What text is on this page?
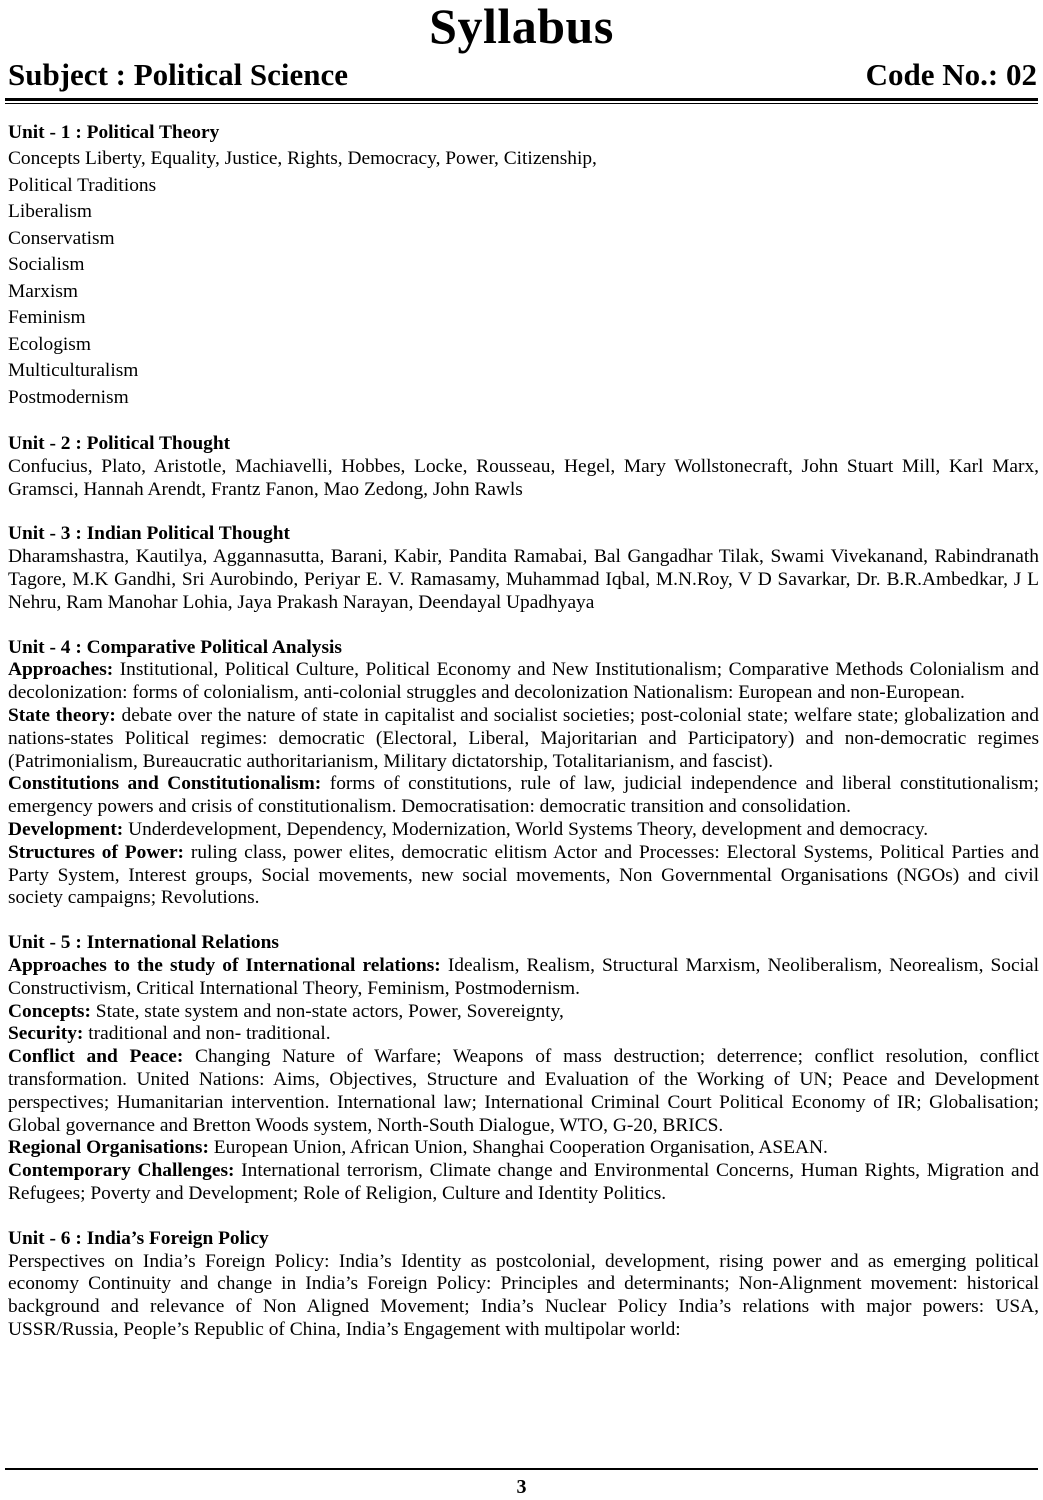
Syllabus
Subject : Political Science	Code No.: 02
Unit - 1 : Political Theory
Concepts Liberty, Equality, Justice, Rights, Democracy, Power, Citizenship,
Political Traditions
Liberalism
Conservatism
Socialism
Marxism
Feminism
Ecologism
Multiculturalism
Postmodernism
Unit - 2 : Political Thought
Confucius, Plato, Aristotle, Machiavelli, Hobbes, Locke, Rousseau, Hegel, Mary Wollstonecraft, John Stuart Mill, Karl Marx, Gramsci, Hannah Arendt, Frantz Fanon, Mao Zedong, John Rawls
Unit - 3 : Indian Political Thought
Dharamshastra, Kautilya, Aggannasutta, Barani, Kabir, Pandita Ramabai, Bal Gangadhar Tilak, Swami Vivekanand, Rabindranath Tagore, M.K Gandhi, Sri Aurobindo, Periyar E. V. Ramasamy, Muhammad Iqbal, M.N.Roy, V D Savarkar, Dr. B.R.Ambedkar, J L Nehru, Ram Manohar Lohia, Jaya Prakash Narayan, Deendayal Upadhyaya
Unit - 4 : Comparative Political Analysis
Approaches: Institutional, Political Culture, Political Economy and New Institutionalism; Comparative Methods Colonialism and decolonization: forms of colonialism, anti-colonial struggles and decolonization Nationalism: European and non-European.
State theory: debate over the nature of state in capitalist and socialist societies; post-colonial state; welfare state; globalization and nations-states Political regimes: democratic (Electoral, Liberal, Majoritarian and Participatory) and non-democratic regimes (Patrimonialism, Bureaucratic authoritarianism, Military dictatorship, Totalitarianism, and fascist).
Constitutions and Constitutionalism: forms of constitutions, rule of law, judicial independence and liberal constitutionalism; emergency powers and crisis of constitutionalism. Democratisation: democratic transition and consolidation.
Development: Underdevelopment, Dependency, Modernization, World Systems Theory, development and democracy.
Structures of Power: ruling class, power elites, democratic elitism Actor and Processes: Electoral Systems, Political Parties and Party System, Interest groups, Social movements, new social movements, Non Governmental Organisations (NGOs) and civil society campaigns; Revolutions.
Unit - 5 : International Relations
Approaches to the study of International relations: Idealism, Realism, Structural Marxism, Neoliberalism, Neorealism, Social Constructivism, Critical International Theory, Feminism, Postmodernism.
Concepts: State, state system and non-state actors, Power, Sovereignty,
Security: traditional and non- traditional.
Conflict and Peace: Changing Nature of Warfare; Weapons of mass destruction; deterrence; conflict resolution, conflict transformation. United Nations: Aims, Objectives, Structure and Evaluation of the Working of UN; Peace and Development perspectives; Humanitarian intervention. International law; International Criminal Court Political Economy of IR; Globalisation; Global governance and Bretton Woods system, North-South Dialogue, WTO, G-20, BRICS.
Regional Organisations: European Union, African Union, Shanghai Cooperation Organisation, ASEAN.
Contemporary Challenges: International terrorism, Climate change and Environmental Concerns, Human Rights, Migration and Refugees; Poverty and Development; Role of Religion, Culture and Identity Politics.
Unit - 6 : India’s Foreign Policy
Perspectives on India’s Foreign Policy: India’s Identity as postcolonial, development, rising power and as emerging political economy Continuity and change in India’s Foreign Policy: Principles and determinants; Non-Alignment movement: historical background and relevance of Non Aligned Movement; India’s Nuclear Policy India’s relations with major powers: USA, USSR/Russia, People’s Republic of China, India’s Engagement with multipolar world:
3
